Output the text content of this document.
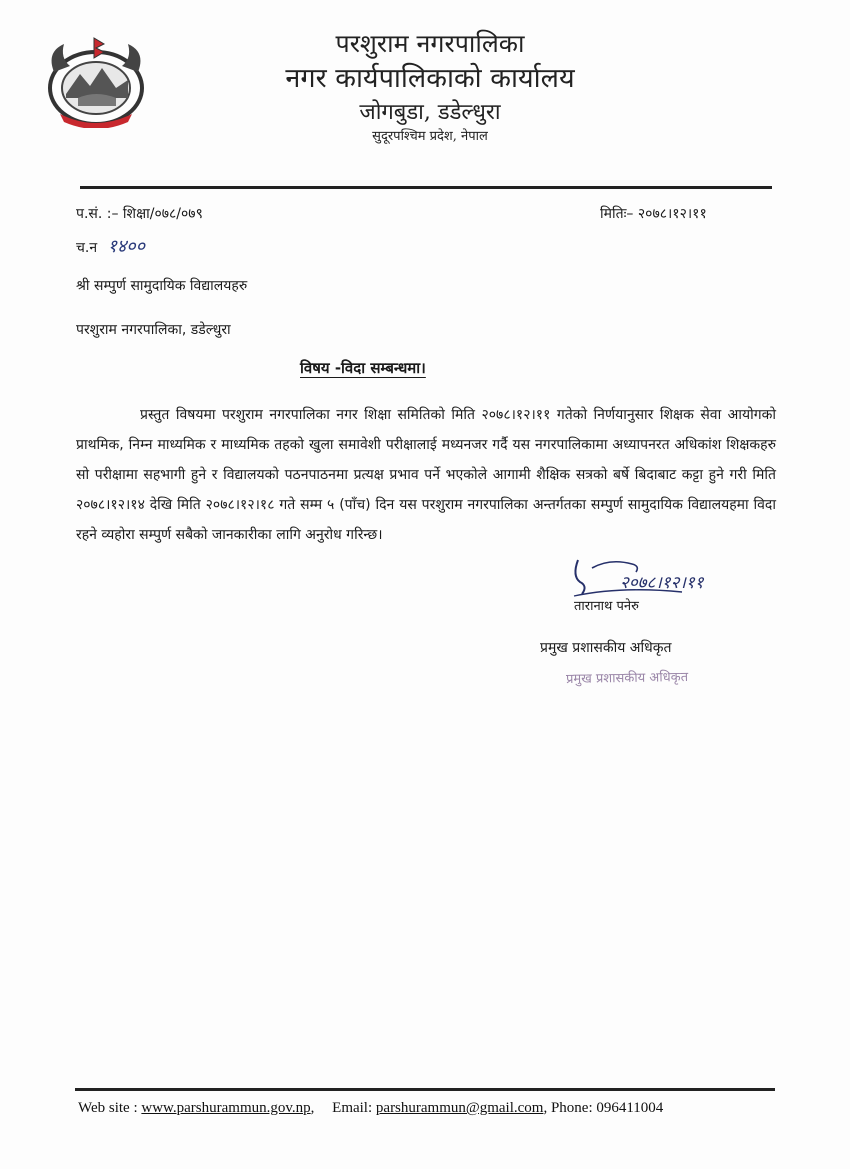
परशुराम नगरपालिका
नगर कार्यपालिकाको कार्यालय
जोगबुडा, डडेल्धुरा
सुदूरपश्चिम प्रदेश, नेपाल
प.सं. :– शिक्षा/०७८/०७९	मितिः– २०७८।१२।११
च.न १४००
श्री सम्पुर्ण सामुदायिक विद्यालयहरु
परशुराम नगरपालिका, डडेल्धुरा
विषय -विदा सम्बन्धमा।
प्रस्तुत विषयमा परशुराम नगरपालिका नगर शिक्षा समितिको मिति २०७८।१२।११ गतेको निर्णयानुसार शिक्षक सेवा आयोगको प्राथमिक, निम्न माध्यमिक र माध्यमिक तहको खुला समावेशी परीक्षालाई मध्यनजर गर्दै यस नगरपालिकामा अध्यापनरत अधिकांश शिक्षकहरु सो परीक्षामा सहभागी हुने र विद्यालयको पठनपाठनमा प्रत्यक्ष प्रभाव पर्ने भएकोले आगामी शैक्षिक सत्रको बर्षे बिदाबाट कट्टा हुने गरी मिति २०७८।१२।१४ देखि मिति २०७८।१२।१८ गते सम्म ५ (पाँच) दिन यस परशुराम नगरपालिका अन्तर्गतका सम्पुर्ण सामुदायिक विद्यालयहमा विदा रहने व्यहोरा सम्पुर्ण सबैको जानकारीका लागि अनुरोध गरिन्छ।
२०७८।१२।११
तारानाथ पनेरु
प्रमुख प्रशासकीय अधिकृत
प्रमुख प्रशासकीय अधिकृत
Web site : www.parshurammun.gov.np, Email: parshurammun@gmail.com, Phone: 096411004
